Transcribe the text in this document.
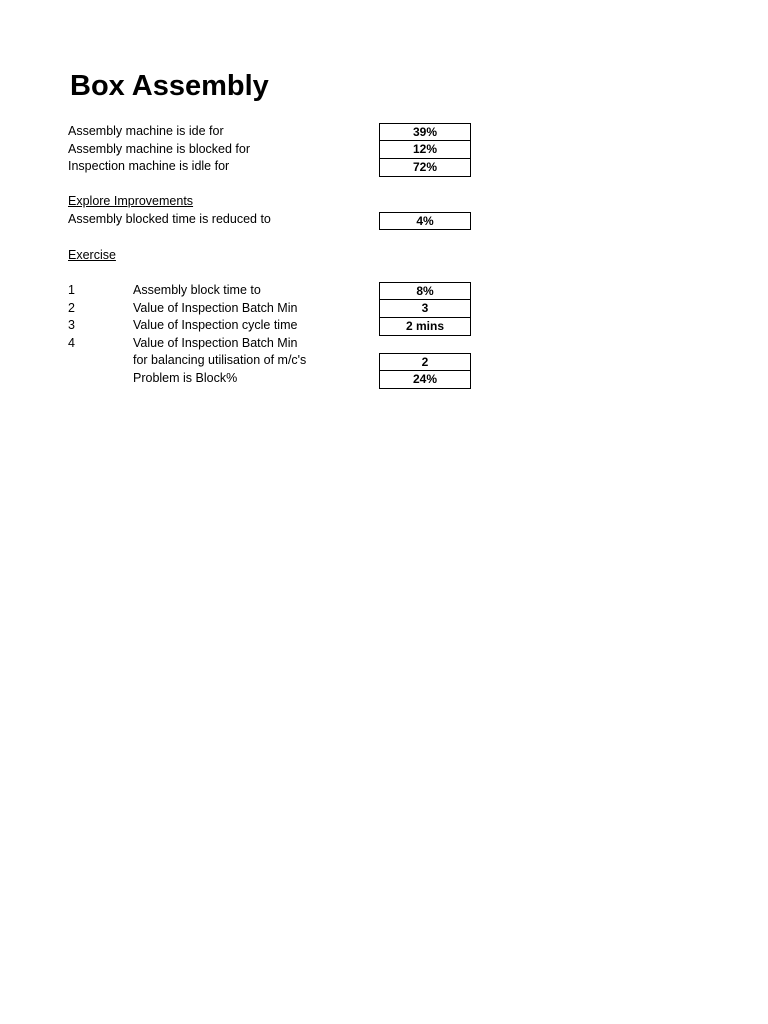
Box Assembly
Assembly machine is ide for	39%
Assembly machine is blocked for	12%
Inspection machine is idle for	72%
Explore Improvements
Assembly blocked time is reduced to	4%
Exercise
1	Assembly block time to	8%
2	Value of Inspection Batch Min	3
3	Value of Inspection cycle time	2 mins
4	Value of Inspection Batch Min
for balancing utilisation of m/c's	2
Problem is Block%	24%
